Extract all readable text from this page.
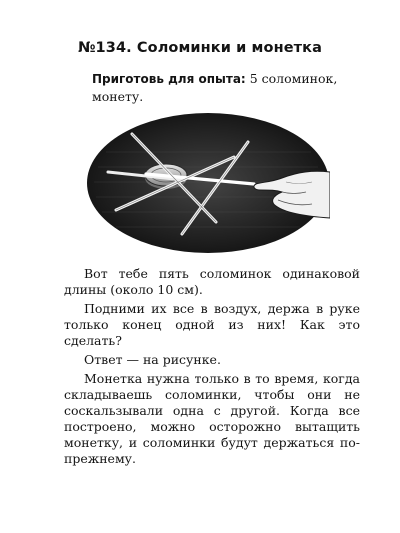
№134. Соломинки и монетка
Приготовь для опыта: 5 соломинок, монету.

Вот тебе пять соломинок одинаковой длины (около 10 см).

Подними их все в воздух, держа в руке только конец одной из них! Как это сделать?

Ответ — на рисунке.

Монетка нужна только в то время, когда складываешь соломинки, чтобы они не соскальзывали одна с другой. Когда все построено, можно осторожно вытащить монетку, и соломинки будут держаться по-прежнему.
